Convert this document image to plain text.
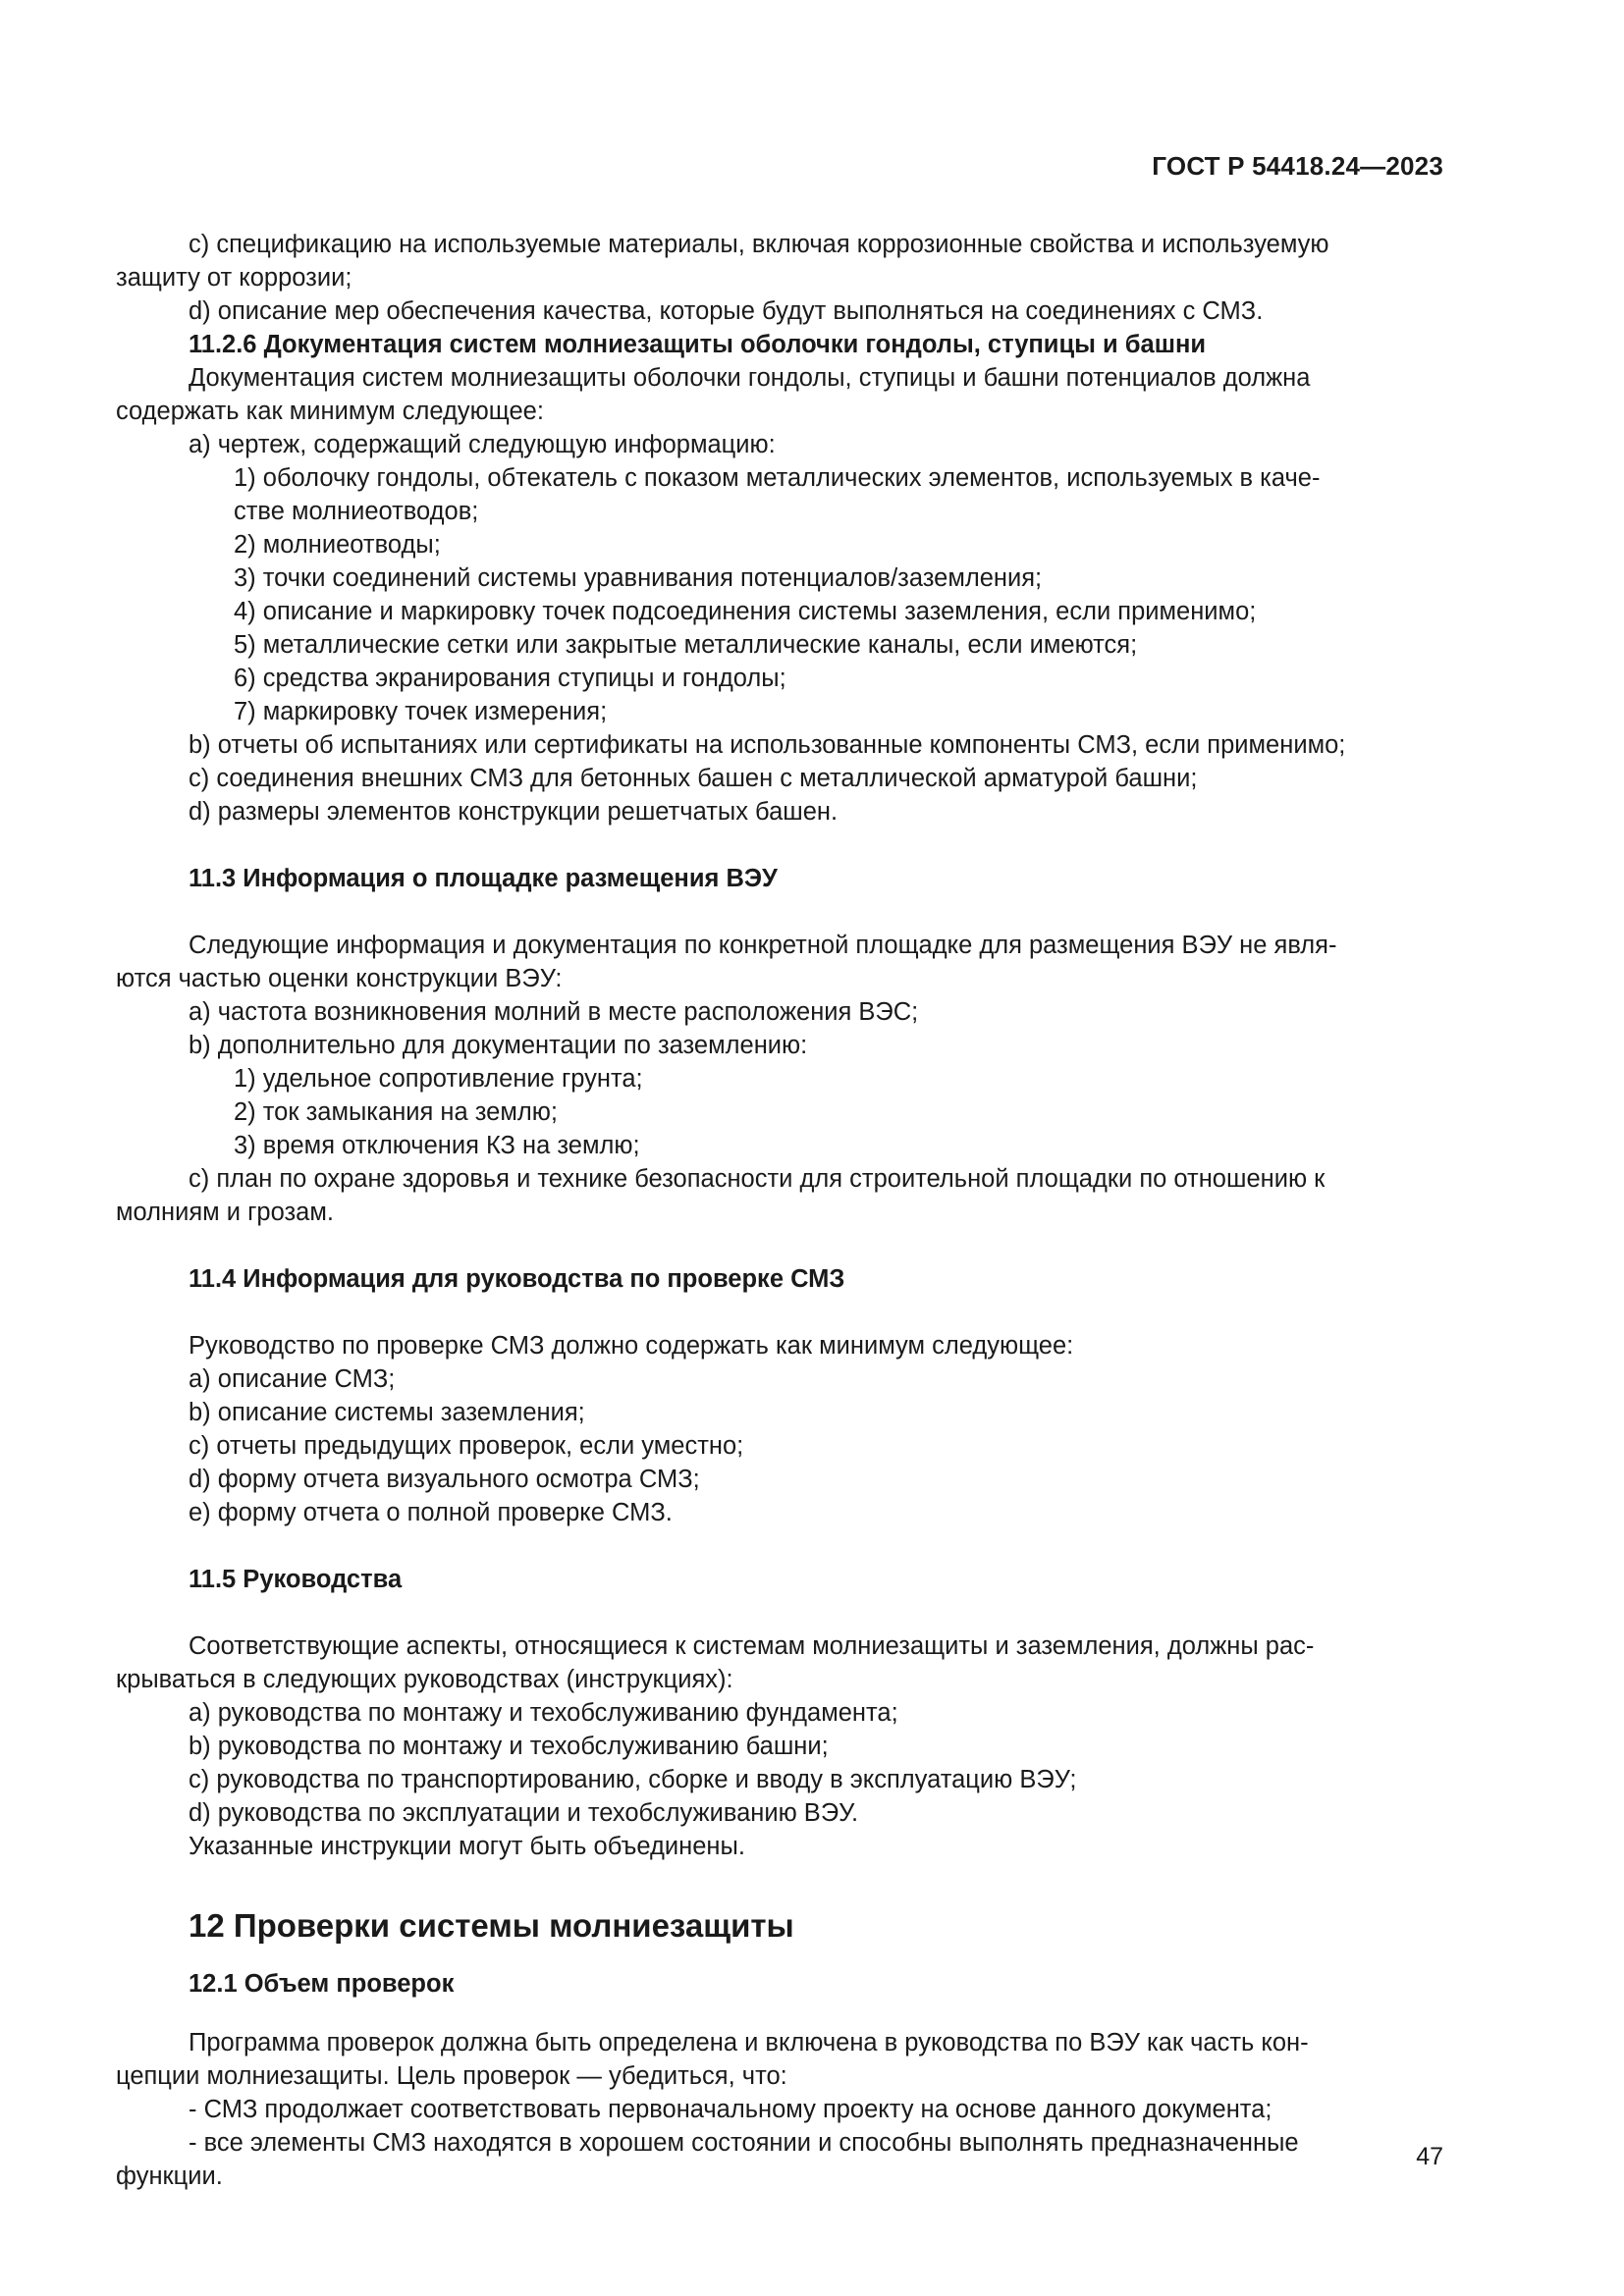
ГОСТ Р 54418.24—2023

c) спецификацию на используемые материалы, включая коррозионные свойства и используемую

защиту от коррозии;

d) описание мер обеспечения качества, которые будут выполняться на соединениях с СМЗ.

11.2.6 Документация систем молниезащиты оболочки гондолы, ступицы и башни

Документация систем молниезащиты оболочки гондолы, ступицы и башни потенциалов должна

содержать как минимум следующее:

a) чертеж, содержащий следующую информацию:

1) оболочку гондолы, обтекатель с показом металлических элементов, используемых в каче-

стве молниеотводов;

2) молниеотводы;

3) точки соединений системы уравнивания потенциалов/заземления;

4) описание и маркировку точек подсоединения системы заземления, если применимо;

5) металлические сетки или закрытые металлические каналы, если имеются;

6) средства экранирования ступицы и гондолы;

7) маркировку точек измерения;

b) отчеты об испытаниях или сертификаты на использованные компоненты СМЗ, если применимо;

c) соединения внешних СМЗ для бетонных башен с металлической арматурой башни;

d) размеры элементов конструкции решетчатых башен.

11.3 Информация о площадке размещения ВЭУ

Следующие информация и документация по конкретной площадке для размещения ВЭУ не явля-

ются частью оценки конструкции ВЭУ:

a) частота возникновения молний в месте расположения ВЭС;

b) дополнительно для документации по заземлению:

1) удельное сопротивление грунта;

2) ток замыкания на землю;

3) время отключения КЗ на землю;

c) план по охране здоровья и технике безопасности для строительной площадки по отношению к

молниям и грозам.

11.4 Информация для руководства по проверке СМЗ

Руководство по проверке СМЗ должно содержать как минимум следующее:

a) описание СМЗ;

b) описание системы заземления;

c) отчеты предыдущих проверок, если уместно;

d) форму отчета визуального осмотра СМЗ;

e) форму отчета о полной проверке СМЗ.

11.5 Руководства

Соответствующие аспекты, относящиеся к системам молниезащиты и заземления, должны рас-

крываться в следующих руководствах (инструкциях):

a) руководства по монтажу и техобслуживанию фундамента;

b) руководства по монтажу и техобслуживанию башни;

c) руководства по транспортированию, сборке и вводу в эксплуатацию ВЭУ;

d) руководства по эксплуатации и техобслуживанию ВЭУ.

Указанные инструкции могут быть объединены.

12 Проверки системы молниезащиты

12.1 Объем проверок

Программа проверок должна быть определена и включена в руководства по ВЭУ как часть кон-

цепции молниезащиты. Цель проверок — убедиться, что:

- СМЗ продолжает соответствовать первоначальному проекту на основе данного документа;

- все элементы СМЗ находятся в хорошем состоянии и способны выполнять предназначенные

функции.

47
